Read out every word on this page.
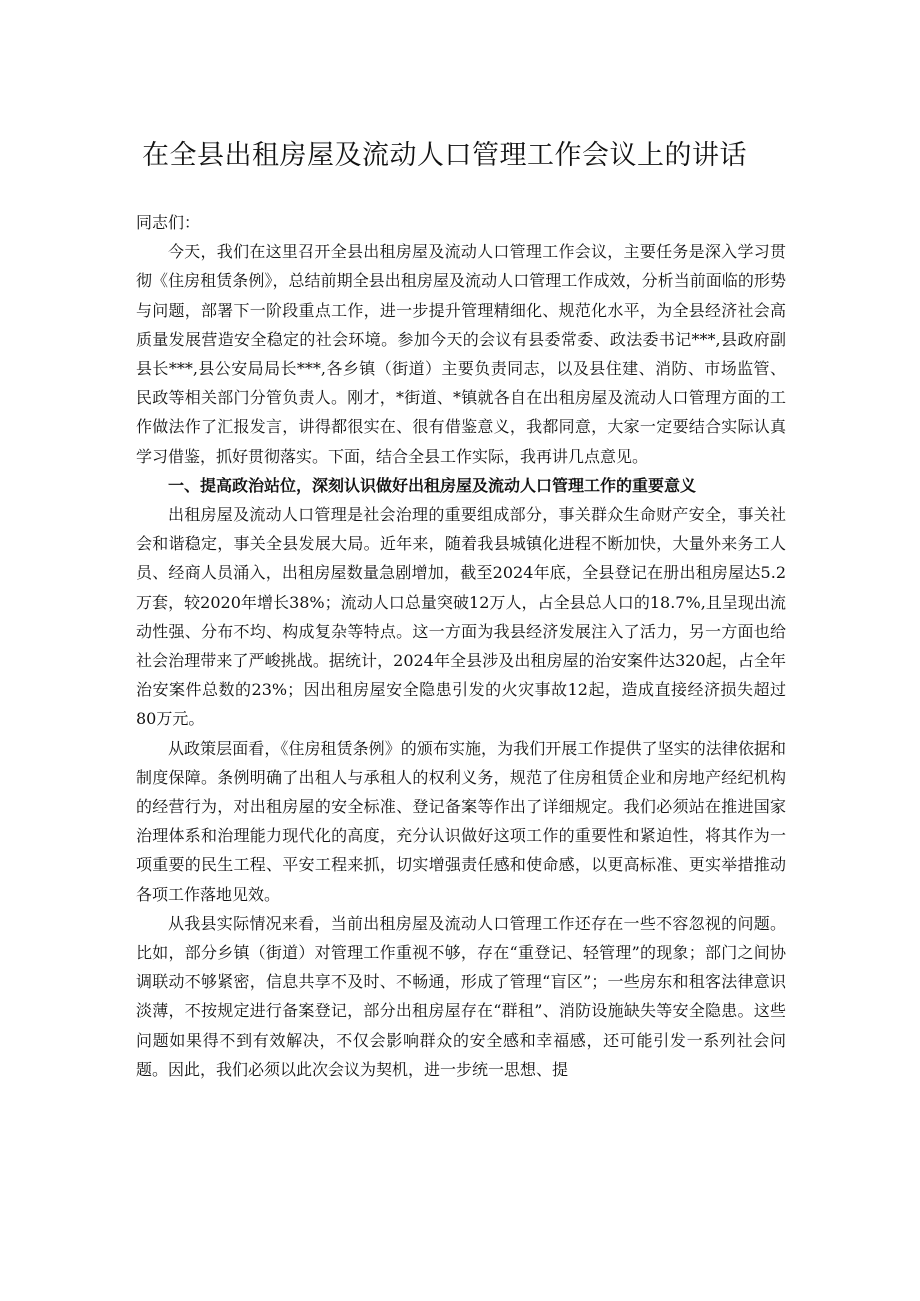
在全县出租房屋及流动人口管理工作会议上的讲话

同志们：

今天，我们在这里召开全县出租房屋及流动人口管理工作会议，主要任务是深入学习贯彻《住房租赁条例》，总结前期全县出租房屋及流动人口管理工作成效，分析当前面临的形势与问题，部署下一阶段重点工作，进一步提升管理精细化、规范化水平，为全县经济社会高质量发展营造安全稳定的社会环境。参加今天的会议有县委常委、政法委书记***,县政府副县长***,县公安局局长***,各乡镇（街道）主要负责同志，以及县住建、消防、市场监管、民政等相关部门分管负责人。刚才，*街道、*镇就各自在出租房屋及流动人口管理方面的工作做法作了汇报发言，讲得都很实在、很有借鉴意义，我都同意，大家一定要结合实际认真学习借鉴，抓好贯彻落实。下面，结合全县工作实际，我再讲几点意见。

一、提高政治站位，深刻认识做好出租房屋及流动人口管理工作的重要意义

出租房屋及流动人口管理是社会治理的重要组成部分，事关群众生命财产安全，事关社会和谐稳定，事关全县发展大局。近年来，随着我县城镇化进程不断加快，大量外来务工人员、经商人员涌入，出租房屋数量急剧增加，截至2024年底，全县登记在册出租房屋达5.2万套，较2020年增长38%；流动人口总量突破12万人，占全县总人口的18.7%,且呈现出流动性强、分布不均、构成复杂等特点。这一方面为我县经济发展注入了活力，另一方面也给社会治理带来了严峻挑战。据统计，2024年全县涉及出租房屋的治安案件达320起，占全年治安案件总数的23%；因出租房屋安全隐患引发的火灾事故12起，造成直接经济损失超过80万元。

从政策层面看，《住房租赁条例》的颁布实施，为我们开展工作提供了坚实的法律依据和制度保障。条例明确了出租人与承租人的权利义务，规范了住房租赁企业和房地产经纪机构的经营行为，对出租房屋的安全标准、登记备案等作出了详细规定。我们必须站在推进国家治理体系和治理能力现代化的高度，充分认识做好这项工作的重要性和紧迫性，将其作为一项重要的民生工程、平安工程来抓，切实增强责任感和使命感，以更高标准、更实举措推动各项工作落地见效。

从我县实际情况来看，当前出租房屋及流动人口管理工作还存在一些不容忽视的问题。比如，部分乡镇（街道）对管理工作重视不够，存在“重登记、轻管理”的现象；部门之间协调联动不够紧密，信息共享不及时、不畅通，形成了管理“盲区”；一些房东和租客法律意识淡薄，不按规定进行备案登记，部分出租房屋存在“群租”、消防设施缺失等安全隐患。这些问题如果得不到有效解决，不仅会影响群众的安全感和幸福感，还可能引发一系列社会问题。因此，我们必须以此次会议为契机，进一步统一思想、提
